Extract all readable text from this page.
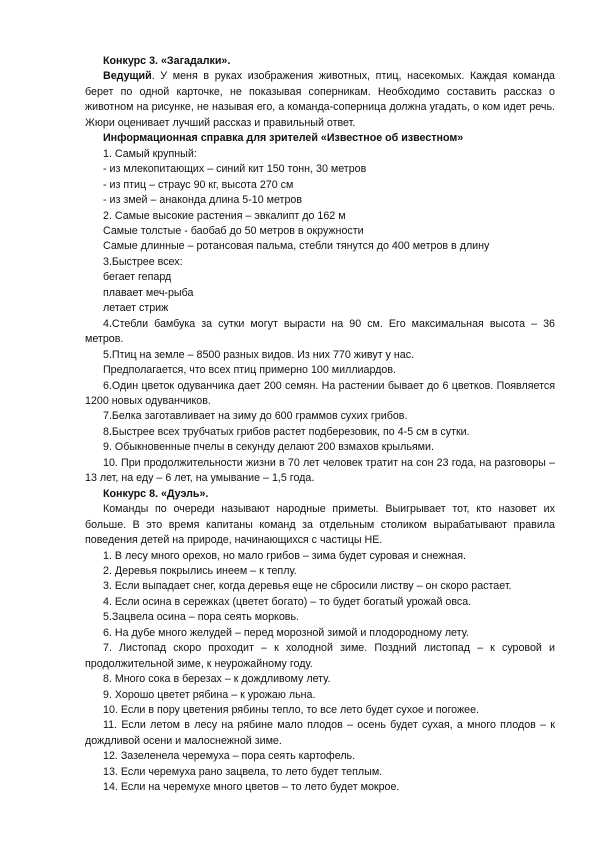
Конкурс 3. «Загадалки».

Ведущий. У меня в руках изображения животных, птиц, насекомых. Каждая команда берет по одной карточке, не показывая соперникам. Необходимо составить рассказ о животном на рисунке, не называя его, а команда-соперница должна угадать, о ком идет речь. Жюри оценивает лучший рассказ и правильный ответ.

Информационная справка для зрителей «Известное об известном»

1. Самый крупный:

- из млекопитающих – синий кит 150 тонн, 30 метров

- из птиц – страус 90 кг, высота 270 см

- из змей – анаконда длина 5-10 метров

2. Самые высокие растения – эвкалипт до 162 м

Самые толстые - баобаб до 50 метров в окружности

Самые длинные – ротансовая пальма, стебли тянутся до 400 метров в длину

3.Быстрее всех:

бегает гепард

плавает меч-рыба

летает стриж

4.Стебли бамбука за сутки могут вырасти на 90 см. Его максимальная высота – 36 метров.

5.Птиц на земле – 8500 разных видов. Из них 770 живут у нас.

Предполагается, что всех птиц примерно 100 миллиардов.

6.Один цветок одуванчика дает 200 семян. На растении бывает до 6 цветков. Появляется 1200 новых одуванчиков.

7.Белка заготавливает на зиму до 600 граммов сухих грибов.

8.Быстрее всех трубчатых грибов растет подберезовик, по 4-5 см в сутки.

9. Обыкновенные пчелы в секунду делают 200 взмахов крыльями.

10. При продолжительности жизни в 70 лет человек тратит на сон 23 года, на разговоры – 13 лет, на еду – 6 лет, на умывание – 1,5 года.

Конкурс 8. «Дуэль».

Команды по очереди называют народные приметы. Выигрывает тот, кто назовет их больше. В это время капитаны команд за отдельным столиком вырабатывают правила поведения детей на природе, начинающихся с частицы НЕ.

1. В лесу много орехов, но мало грибов – зима будет суровая и снежная.

2. Деревья покрылись инеем – к теплу.

3. Если выпадает снег, когда деревья еще не сбросили листву – он скоро растает.

4. Если осина в сережках (цветет богато) – то будет богатый урожай овса.

5.Зацвела осина – пора сеять морковь.

6. На дубе много желудей – перед морозной зимой и плодородному лету.

7. Листопад скоро проходит – к холодной зиме. Поздний листопад – к суровой и продолжительной зиме, к неурожайному году.

8. Много сока в березах – к дождливому лету.

9. Хорошо цветет рябина – к урожаю льна.

10. Если в пору цветения рябины тепло, то все лето будет сухое и погожее.

11. Если летом в лесу на рябине мало плодов – осень будет сухая, а много плодов – к дождливой осени и малоснежной зиме.

12. Зазеленела черемуха – пора сеять картофель.

13. Если черемуха рано зацвела, то лето будет теплым.

14. Если на черемухе много цветов – то лето будет мокрое.
